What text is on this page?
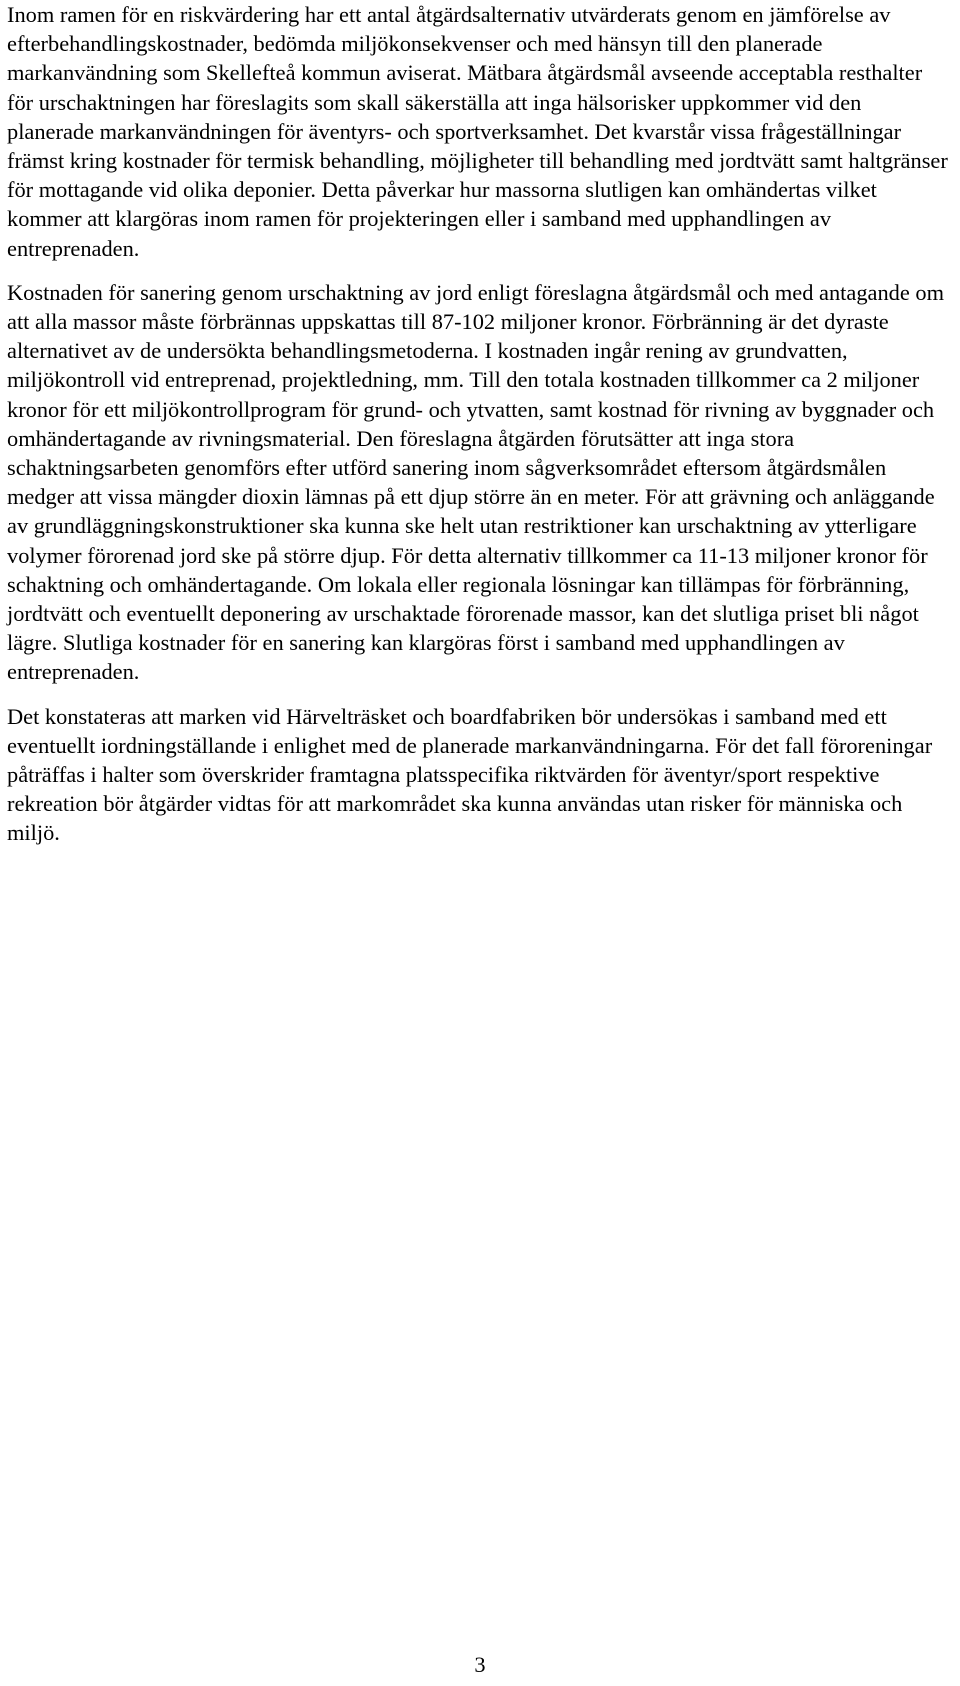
Inom ramen för en riskvärdering har ett antal åtgärdsalternativ utvärderats genom en jämförelse av efterbehandlingskostnader, bedömda miljökonsekvenser och med hänsyn till den planerade markanvändning som Skellefteå kommun aviserat. Mätbara åtgärdsmål avseende acceptabla resthalter för urschaktningen har föreslagits som skall säkerställa att inga hälsorisker uppkommer vid den planerade markanvändningen för äventyrs- och sportverksamhet. Det kvarstår vissa frågeställningar främst kring kostnader för termisk behandling, möjligheter till behandling med jordtvätt samt haltgränser för mottagande vid olika deponier. Detta påverkar hur massorna slutligen kan omhändertas vilket kommer att klargöras inom ramen för projekteringen eller i samband med upphandlingen av entreprenaden.

Kostnaden för sanering genom urschaktning av jord enligt föreslagna åtgärdsmål och med antagande om att alla massor måste förbrännas uppskattas till 87-102 miljoner kronor. Förbränning är det dyraste alternativet av de undersökta behandlingsmetoderna. I kostnaden ingår rening av grundvatten, miljökontroll vid entreprenad, projektledning, mm. Till den totala kostnaden tillkommer ca 2 miljoner kronor för ett miljökontrollprogram för grund- och ytvatten, samt kostnad för rivning av byggnader och omhändertagande av rivningsmaterial. Den föreslagna åtgärden förutsätter att inga stora schaktningsarbeten genomförs efter utförd sanering inom sågverksområdet eftersom åtgärdsmålen medger att vissa mängder dioxin lämnas på ett djup större än en meter. För att grävning och anläggande av grundläggningskonstruktioner ska kunna ske helt utan restriktioner kan urschaktning av ytterligare volymer förorenad jord ske på större djup. För detta alternativ tillkommer ca 11-13 miljoner kronor för schaktning och omhändertagande. Om lokala eller regionala lösningar kan tillämpas för förbränning, jordtvätt och eventuellt deponering av urschaktade förorenade massor, kan det slutliga priset bli något lägre. Slutliga kostnader för en sanering kan klargöras först i samband med upphandlingen av entreprenaden.

Det konstateras att marken vid Härvelträsket och boardfabriken bör undersökas i samband med ett eventuellt iordningställande i enlighet med de planerade markanvändningarna. För det fall föroreningar påträffas i halter som överskrider framtagna platsspecifika riktvärden för äventyr/sport respektive rekreation bör åtgärder vidtas för att markområdet ska kunna användas utan risker för människa och miljö.

3
